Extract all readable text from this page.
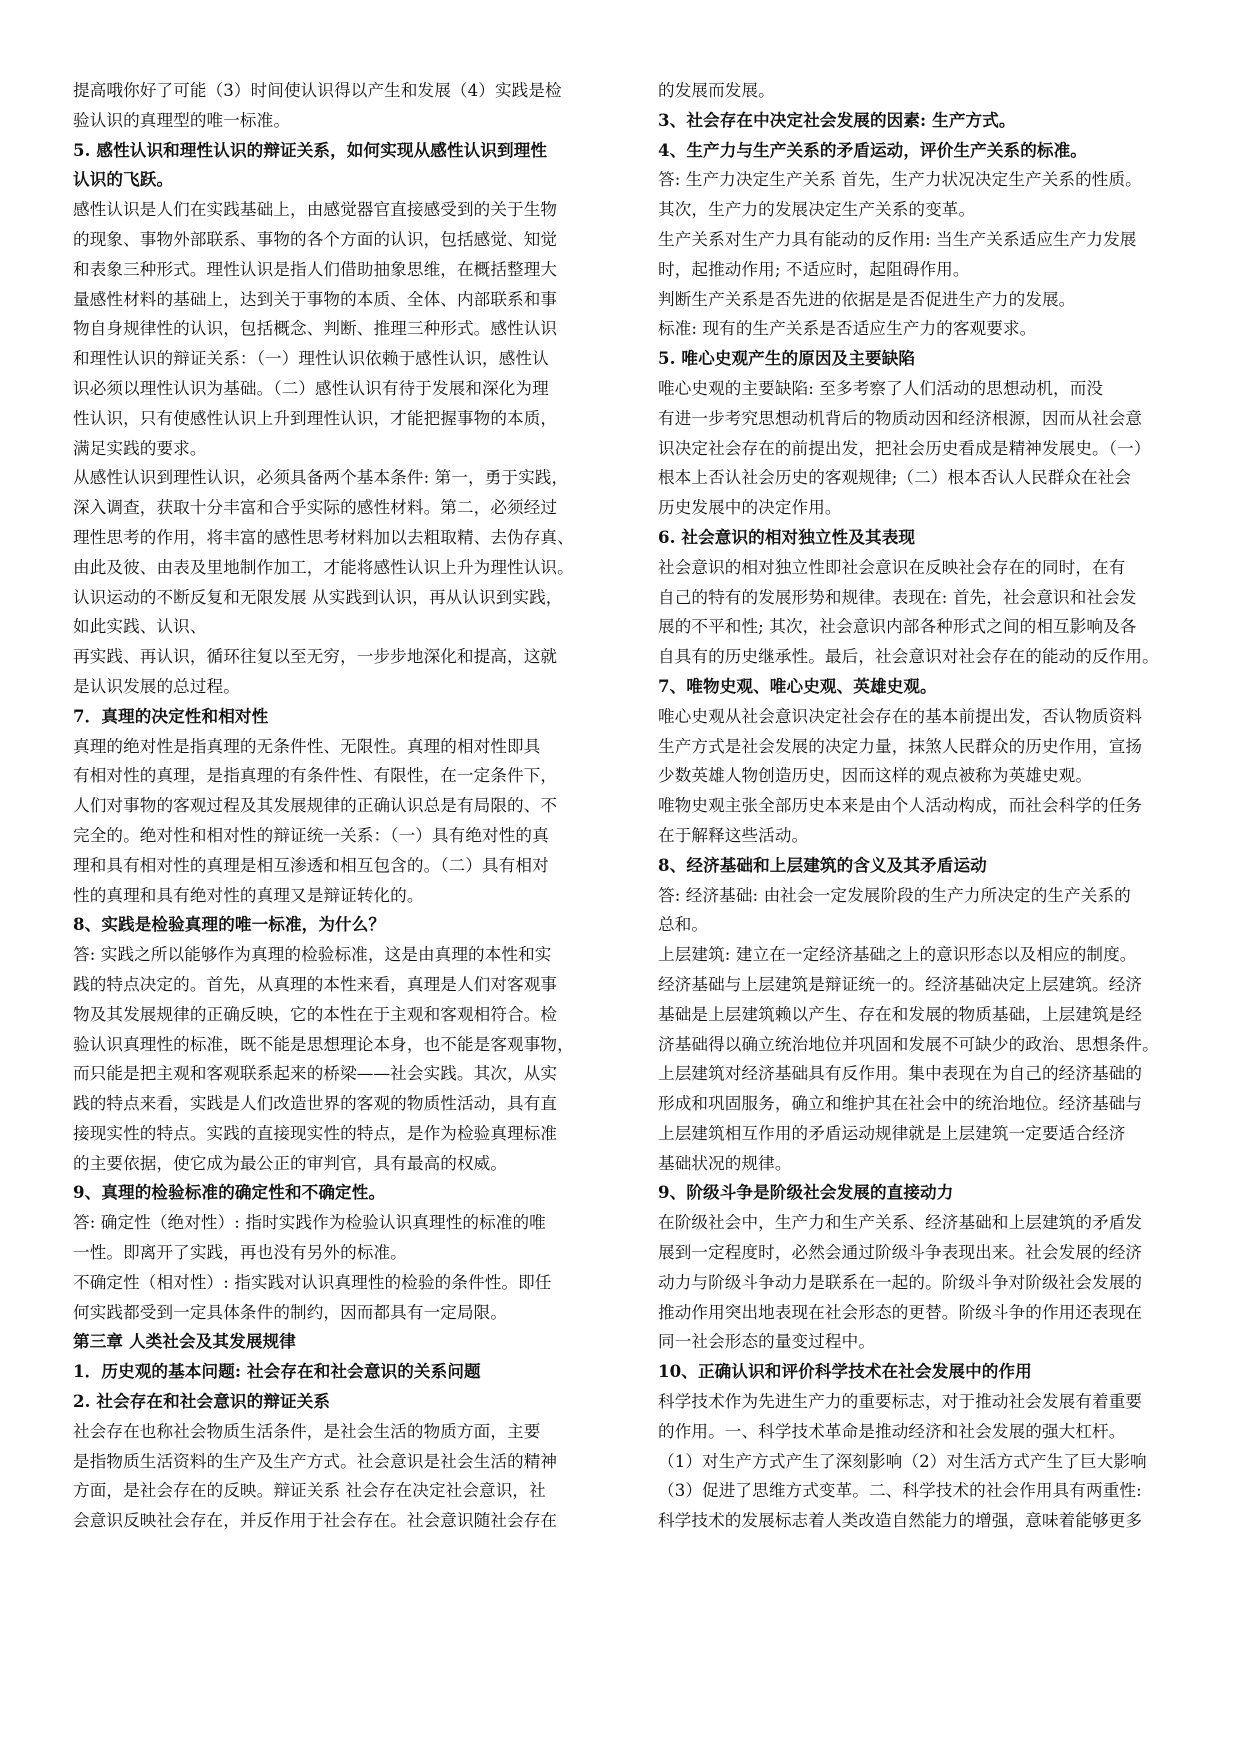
提高哦你好了可能（3）时间使认识得以产生和发展（4）实践是检
验认识的真理型的唯一标准。
5. 感性认识和理性认识的辩证关系，如何实现从感性认识到理性
认识的飞跃。
感性认识是人们在实践基础上，由感觉器官直接感受到的关于生物
的现象、事物外部联系、事物的各个方面的认识，包括感觉、知觉
和表象三种形式。理性认识是指人们借助抽象思维，在概括整理大
量感性材料的基础上，达到关于事物的本质、全体、内部联系和事
物自身规律性的认识，包括概念、判断、推理三种形式。感性认识
和理性认识的辩证关系：（一）理性认识依赖于感性认识，感性认
识必须以理性认识为基础。（二）感性认识有待于发展和深化为理
性认识，只有使感性认识上升到理性认识，才能把握事物的本质，
满足实践的要求。
从感性认识到理性认识，必须具备两个基本条件: 第一，勇于实践，
深入调查，获取十分丰富和合乎实际的感性材料。第二，必须经过
理性思考的作用，将丰富的感性思考材料加以去粗取精、去伪存真、
由此及彼、由表及里地制作加工，才能将感性认识上升为理性认识。
认识运动的不断反复和无限发展 从实践到认识，再从认识到实践，
如此实践、认识、
再实践、再认识，循环往复以至无穷，一步步地深化和提高，这就
是认识发展的总过程。
7．真理的决定性和相对性
真理的绝对性是指真理的无条件性、无限性。真理的相对性即具
有相对性的真理，是指真理的有条件性、有限性，在一定条件下，
人们对事物的客观过程及其发展规律的正确认识总是有局限的、不
完全的。绝对性和相对性的辩证统一关系：（一）具有绝对性的真
理和具有相对性的真理是相互渗透和相互包含的。（二）具有相对
性的真理和具有绝对性的真理又是辩证转化的。
8、实践是检验真理的唯一标准，为什么？
答: 实践之所以能够作为真理的检验标准，这是由真理的本性和实
践的特点决定的。首先，从真理的本性来看，真理是人们对客观事
物及其发展规律的正确反映，它的本性在于主观和客观相符合。检
验认识真理性的标准，既不能是思想理论本身，也不能是客观事物，
而只能是把主观和客观联系起来的桥梁——社会实践。其次，从实
践的特点来看，实践是人们改造世界的客观的物质性活动，具有直
接现实性的特点。实践的直接现实性的特点，是作为检验真理标准
的主要依据，使它成为最公正的审判官，具有最高的权威。
9、真理的检验标准的确定性和不确定性。
答: 确定性（绝对性）: 指时实践作为检验认识真理性的标准的唯
一性。即离开了实践，再也没有另外的标准。
不确定性（相对性）: 指实践对认识真理性的检验的条件性。即任
何实践都受到一定具体条件的制约，因而都具有一定局限。
第三章 人类社会及其发展规律
1．历史观的基本问题: 社会存在和社会意识的关系问题
2. 社会存在和社会意识的辩证关系
社会存在也称社会物质生活条件，是社会生活的物质方面，主要
是指物质生活资料的生产及生产方式。社会意识是社会生活的精神
方面，是社会存在的反映。辩证关系 社会存在决定社会意识，社
会意识反映社会存在，并反作用于社会存在。社会意识随社会存在
的发展而发展。
3、社会存在中决定社会发展的因素: 生产方式。
4、生产力与生产关系的矛盾运动，评价生产关系的标准。
答: 生产力决定生产关系 首先，生产力状况决定生产关系的性质。
其次，生产力的发展决定生产关系的变革。
生产关系对生产力具有能动的反作用: 当生产关系适应生产力发展
时，起推动作用; 不适应时，起阻碍作用。
判断生产关系是否先进的依据是是否促进生产力的发展。
标准: 现有的生产关系是否适应生产力的客观要求。
5. 唯心史观产生的原因及主要缺陷
唯心史观的主要缺陷: 至多考察了人们活动的思想动机，而没
有进一步考究思想动机背后的物质动因和经济根源，因而从社会意
识决定社会存在的前提出发，把社会历史看成是精神发展史。（一）
根本上否认社会历史的客观规律;（二）根本否认人民群众在社会
历史发展中的决定作用。
6. 社会意识的相对独立性及其表现
社会意识的相对独立性即社会意识在反映社会存在的同时，在有
自己的特有的发展形势和规律。表现在: 首先，社会意识和社会发
展的不平和性; 其次，社会意识内部各种形式之间的相互影响及各
自具有的历史继承性。最后，社会意识对社会存在的能动的反作用。
7、唯物史观、唯心史观、英雄史观。
唯心史观从社会意识决定社会存在的基本前提出发，否认物质资料
生产方式是社会发展的决定力量，抹煞人民群众的历史作用，宣扬
少数英雄人物创造历史，因而这样的观点被称为英雄史观。
唯物史观主张全部历史本来是由个人活动构成，而社会科学的任务
在于解释这些活动。
8、经济基础和上层建筑的含义及其矛盾运动
答: 经济基础: 由社会一定发展阶段的生产力所决定的生产关系的
总和。
上层建筑: 建立在一定经济基础之上的意识形态以及相应的制度。
经济基础与上层建筑是辩证统一的。经济基础决定上层建筑。经济
基础是上层建筑赖以产生、存在和发展的物质基础，上层建筑是经
济基础得以确立统治地位并巩固和发展不可缺少的政治、思想条件。
上层建筑对经济基础具有反作用。集中表现在为自己的经济基础的
形成和巩固服务，确立和维护其在社会中的统治地位。经济基础与
上层建筑相互作用的矛盾运动规律就是上层建筑一定要适合经济
基础状况的规律。
9、阶级斗争是阶级社会发展的直接动力
在阶级社会中，生产力和生产关系、经济基础和上层建筑的矛盾发
展到一定程度时，必然会通过阶级斗争表现出来。社会发展的经济
动力与阶级斗争动力是联系在一起的。阶级斗争对阶级社会发展的
推动作用突出地表现在社会形态的更替。阶级斗争的作用还表现在
同一社会形态的量变过程中。
10、正确认识和评价科学技术在社会发展中的作用
科学技术作为先进生产力的重要标志，对于推动社会发展有着重要
的作用。一、科学技术革命是推动经济和社会发展的强大杠杆。
（1）对生产方式产生了深刻影响（2）对生活方式产生了巨大影响
（3）促进了思维方式变革。二、科学技术的社会作用具有两重性:
科学技术的发展标志着人类改造自然能力的增强，意味着能够更多
